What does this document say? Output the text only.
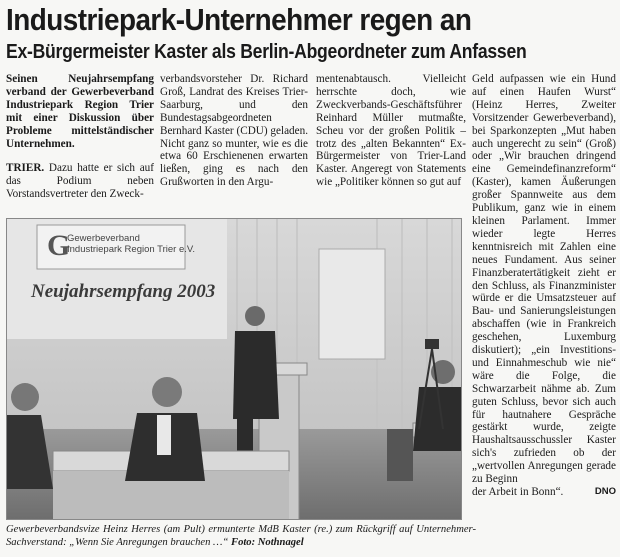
Industriepark-Unternehmer regen an
Ex-Bürgermeister Kaster als Berlin-Abgeordneter zum Anfassen

Seinen Neujahrsempfang verband der Gewerbeverband Industriepark Region Trier mit einer Diskussion über Probleme mittelständischer Unternehmen.

TRIER. Dazu hatte er sich auf das Podium neben Vorstandsvertreter den Zweck-

verbandsvorsteher Dr. Richard Groß, Landrat des Kreises Trier-Saarburg, und den Bundestagsabgeordneten Bernhard Kaster (CDU) geladen. Nicht ganz so munter, wie es die etwa 60 Erschienenen erwarten ließen, ging es nach den Grußworten in den Argu-

mentenabtausch. Vielleicht herrschte doch, wie Zweckverbands-Geschäftsführer Reinhard Müller mutmaßte, Scheu vor der großen Politik – trotz des „alten Bekannten“ Ex-Bürgermeister von Trier-Land Kaster. Angeregt von Statements wie „Politiker können so gut auf

Geld aufpassen wie ein Hund auf einen Haufen Wurst“ (Heinz Herres, Zweiter Vorsitzender Gewerbeverband), bei Sparkonzepten „Mut haben auch ungerecht zu sein“ (Groß) oder „Wir brauchen dringend eine Gemeindefinanzreform“ (Kaster), kamen Äußerungen großer Spannweite aus dem Publikum, ganz wie in einem kleinen Parlament. Immer wieder legte Herres kenntnisreich mit Zahlen eine neues Fundament. Aus seiner Finanzberatertätigkeit zieht er den Schluss, als Finanzminister würde er die Umsatzsteuer auf Bau- und Sanierungsleistungen abschaffen (wie in Frankreich geschehen, Luxemburg diskutiert); „ein Investitions- und Einnahmeschub wie nie“ wäre die Folge, die Schwarzarbeit nähme ab. Zum guten Schluss, bevor sich auch für hautnahere Gespräche gestärkt wurde, zeigte Haushaltsausschussler Kaster sich's zufrieden ob der „wertvollen Anregungen gerade zu Beginn

der Arbeit in Bonn“.	DNO
G
Gewerbeverband
Industriepark Region Trier e.V.
Neujahrsempfang 2003
Gewerbeverbandsvize Heinz Herres (am Pult) ermunterte MdB Kaster (re.) zum Rückgriff auf Unternehmer-Sachverstand: „Wenn Sie Anregungen brauchen …“ Foto: Nothnagel
